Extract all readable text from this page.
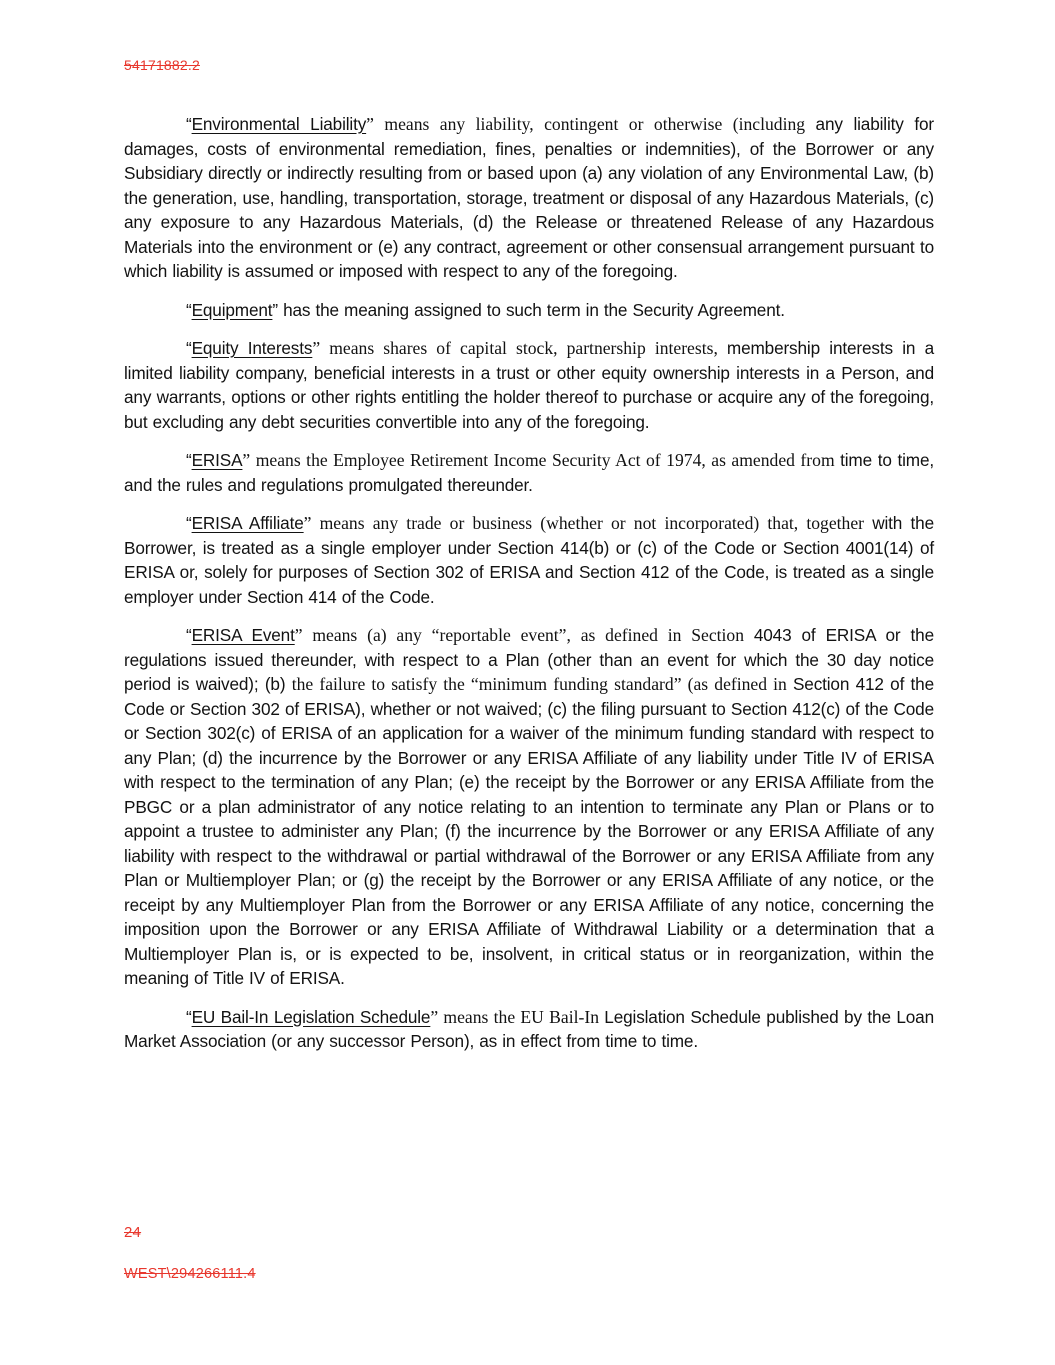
54171882.2

“Environmental Liability” means any liability, contingent or otherwise (including any liability for damages, costs of environmental remediation, fines, penalties or indemnities), of the Borrower or any Subsidiary directly or indirectly resulting from or based upon (a) any violation of any Environmental Law, (b) the generation, use, handling, transportation, storage, treatment or disposal of any Hazardous Materials, (c) any exposure to any Hazardous Materials, (d) the Release or threatened Release of any Hazardous Materials into the environment or (e) any contract, agreement or other consensual arrangement pursuant to which liability is assumed or imposed with respect to any of the foregoing.

“Equipment” has the meaning assigned to such term in the Security Agreement.

“Equity Interests” means shares of capital stock, partnership interests, membership interests in a limited liability company, beneficial interests in a trust or other equity ownership interests in a Person, and any warrants, options or other rights entitling the holder thereof to purchase or acquire any of the foregoing, but excluding any debt securities convertible into any of the foregoing.

“ERISA” means the Employee Retirement Income Security Act of 1974, as amended from time to time, and the rules and regulations promulgated thereunder.

“ERISA Affiliate” means any trade or business (whether or not incorporated) that, together with the Borrower, is treated as a single employer under Section 414(b) or (c) of the Code or Section 4001(14) of ERISA or, solely for purposes of Section 302 of ERISA and Section 412 of the Code, is treated as a single employer under Section 414 of the Code.

“ERISA Event” means (a) any “reportable event”, as defined in Section 4043 of ERISA or the regulations issued thereunder, with respect to a Plan (other than an event for which the 30 day notice period is waived); (b) the failure to satisfy the “minimum funding standard” (as defined in Section 412 of the Code or Section 302 of ERISA), whether or not waived; (c) the filing pursuant to Section 412(c) of the Code or Section 302(c) of ERISA of an application for a waiver of the minimum funding standard with respect to any Plan; (d) the incurrence by the Borrower or any ERISA Affiliate of any liability under Title IV of ERISA with respect to the termination of any Plan; (e) the receipt by the Borrower or any ERISA Affiliate from the PBGC or a plan administrator of any notice relating to an intention to terminate any Plan or Plans or to appoint a trustee to administer any Plan; (f) the incurrence by the Borrower or any ERISA Affiliate of any liability with respect to the withdrawal or partial withdrawal of the Borrower or any ERISA Affiliate from any Plan or Multiemployer Plan; or (g) the receipt by the Borrower or any ERISA Affiliate of any notice, or the receipt by any Multiemployer Plan from the Borrower or any ERISA Affiliate of any notice, concerning the imposition upon the Borrower or any ERISA Affiliate of Withdrawal Liability or a determination that a Multiemployer Plan is, or is expected to be, insolvent, in critical status or in reorganization, within the meaning of Title IV of ERISA.

“EU Bail-In Legislation Schedule” means the EU Bail-In Legislation Schedule published by the Loan Market Association (or any successor Person), as in effect from time to time.

24
WEST\294266111.4
